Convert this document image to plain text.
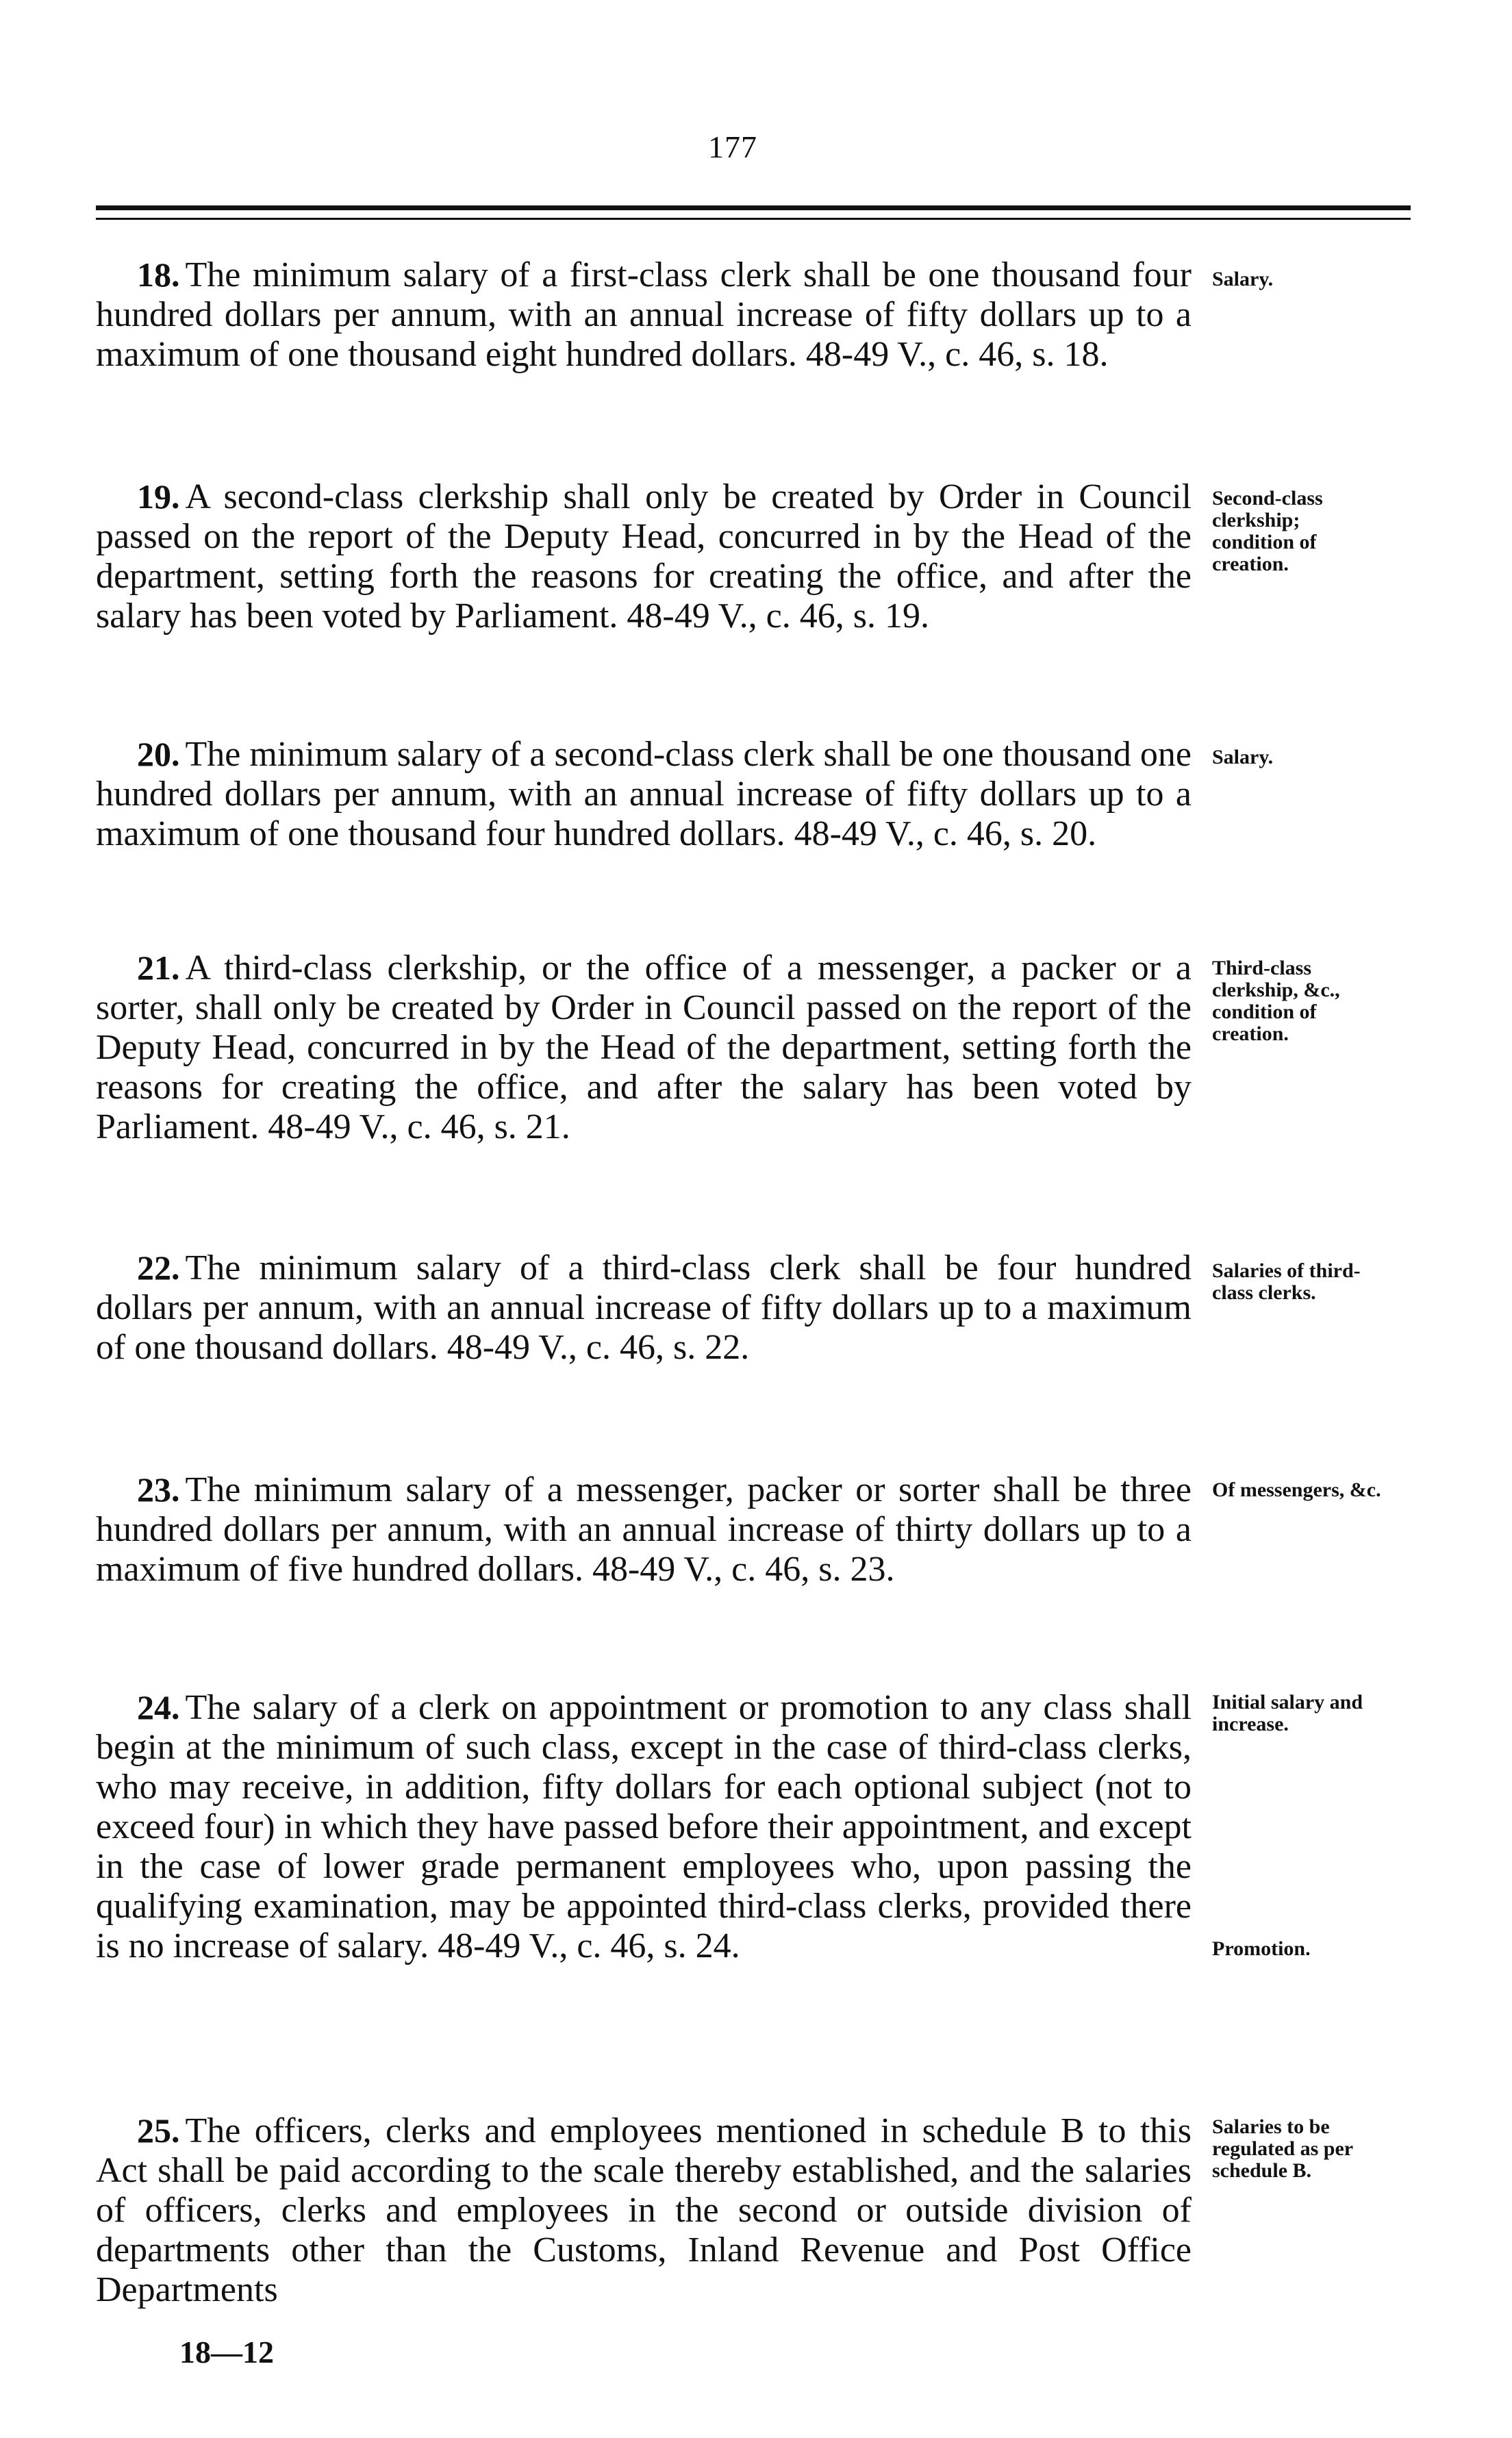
177

18. The minimum salary of a first-class clerk shall be one thousand four hundred dollars per annum, with an annual increase of fifty dollars up to a maximum of one thousand eight hundred dollars. 48-49 V., c. 46, s. 18.

Salary.

19. A second-class clerkship shall only be created by Order in Council passed on the report of the Deputy Head, concurred in by the Head of the department, setting forth the reasons for creating the office, and after the salary has been voted by Parliament. 48-49 V., c. 46, s. 19.

Second-class clerkship; condition of creation.

20. The minimum salary of a second-class clerk shall be one thousand one hundred dollars per annum, with an annual increase of fifty dollars up to a maximum of one thousand four hundred dollars. 48-49 V., c. 46, s. 20.

Salary.

21. A third-class clerkship, or the office of a messenger, a packer or a sorter, shall only be created by Order in Council passed on the report of the Deputy Head, concurred in by the Head of the department, setting forth the reasons for creating the office, and after the salary has been voted by Parliament. 48-49 V., c. 46, s. 21.

Third-class clerkship, &c., condition of creation.

22. The minimum salary of a third-class clerk shall be four hundred dollars per annum, with an annual increase of fifty dollars up to a maximum of one thousand dollars. 48-49 V., c. 46, s. 22.

Salaries of third-class clerks.

23. The minimum salary of a messenger, packer or sorter shall be three hundred dollars per annum, with an annual increase of thirty dollars up to a maximum of five hundred dollars. 48-49 V., c. 46, s. 23.

Of messengers, &c.

24. The salary of a clerk on appointment or promotion to any class shall begin at the minimum of such class, except in the case of third-class clerks, who may receive, in addition, fifty dollars for each optional subject (not to exceed four) in which they have passed before their appointment, and except in the case of lower grade permanent employees who, upon passing the qualifying examination, may be appointed third-class clerks, provided there is no increase of salary. 48-49 V., c. 46, s. 24.

Initial salary and increase.
Promotion.

25. The officers, clerks and employees mentioned in schedule B to this Act shall be paid according to the scale thereby established, and the salaries of officers, clerks and employees in the second or outside division of departments other than the Customs, Inland Revenue and Post Office Departments

Salaries to be regulated as per schedule B.
18—12
